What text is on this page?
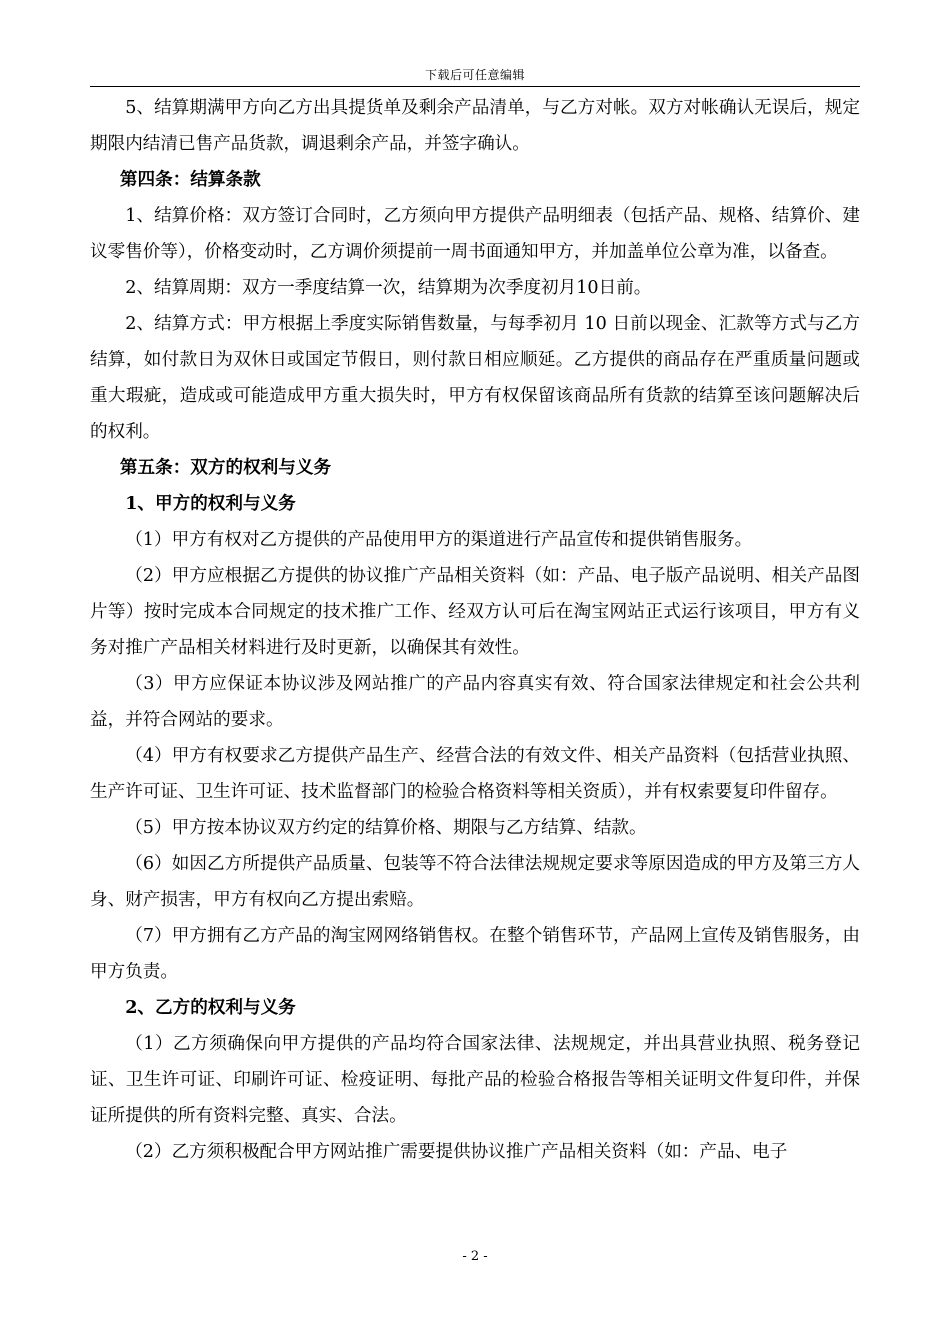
下载后可任意编辑

5、结算期满甲方向乙方出具提货单及剩余产品清单，与乙方对帐。双方对帐确认无误后，规定期限内结清已售产品货款，调退剩余产品，并签字确认。

第四条：结算条款

1、结算价格：双方签订合同时，乙方须向甲方提供产品明细表（包括产品、规格、结算价、建议零售价等），价格变动时，乙方调价须提前一周书面通知甲方，并加盖单位公章为准，以备查。

2、结算周期：双方一季度结算一次，结算期为次季度初月10日前。

2、结算方式：甲方根据上季度实际销售数量，与每季初月 10 日前以现金、汇款等方式与乙方结算，如付款日为双休日或国定节假日，则付款日相应顺延。乙方提供的商品存在严重质量问题或重大瑕疵，造成或可能造成甲方重大损失时，甲方有权保留该商品所有货款的结算至该问题解决后的权利。

第五条：双方的权利与义务

1、甲方的权利与义务

（1）甲方有权对乙方提供的产品使用甲方的渠道进行产品宣传和提供销售服务。

（2）甲方应根据乙方提供的协议推广产品相关资料（如：产品、电子版产品说明、相关产品图片等）按时完成本合同规定的技术推广工作、经双方认可后在淘宝网站正式运行该项目，甲方有义务对推广产品相关材料进行及时更新，以确保其有效性。

（3）甲方应保证本协议涉及网站推广的产品内容真实有效、符合国家法律规定和社会公共利益，并符合网站的要求。

（4）甲方有权要求乙方提供产品生产、经营合法的有效文件、相关产品资料（包括营业执照、生产许可证、卫生许可证、技术监督部门的检验合格资料等相关资质），并有权索要复印件留存。

（5）甲方按本协议双方约定的结算价格、期限与乙方结算、结款。

（6）如因乙方所提供产品质量、包装等不符合法律法规规定要求等原因造成的甲方及第三方人身、财产损害，甲方有权向乙方提出索赔。

（7）甲方拥有乙方产品的淘宝网网络销售权。在整个销售环节，产品网上宣传及销售服务，由甲方负责。

2、乙方的权利与义务

（1）乙方须确保向甲方提供的产品均符合国家法律、法规规定，并出具营业执照、税务登记证、卫生许可证、印刷许可证、检疫证明、每批产品的检验合格报告等相关证明文件复印件，并保证所提供的所有资料完整、真实、合法。

（2）乙方须积极配合甲方网站推广需要提供协议推广产品相关资料（如：产品、电子

- 2 -
